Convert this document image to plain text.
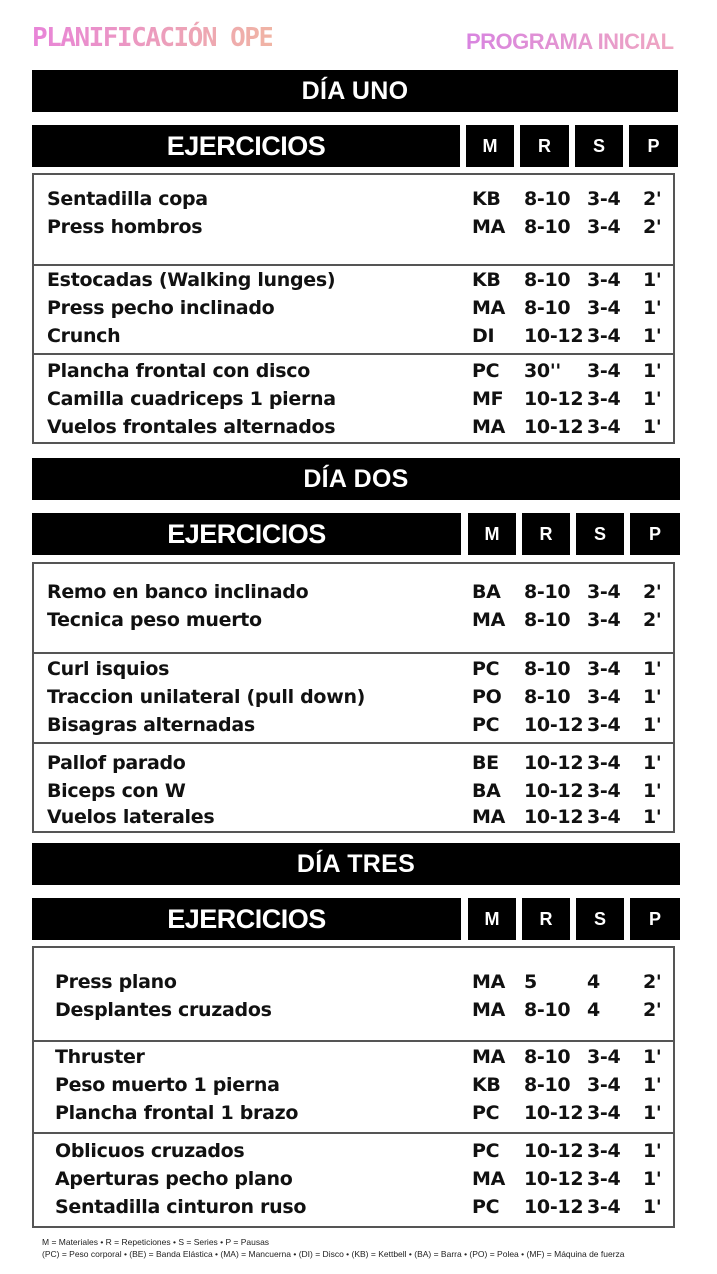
PLANIFICACIÓN OPEN GYM	PROGRAMA INICIAL
DÍA UNO
EJERCICIOS	M	R	S	P
Sentadilla copa	KB 8-10 3-4 2'
Press hombros	MA 8-10 3-4 2'
Estocadas (Walking lunges)	KB 8-10 3-4 1'
Press pecho inclinado	MA 8-10 3-4 1'
Crunch	DI 10-12 3-4 1'
Plancha frontal con disco	PC 30'' 3-4 1'
Camilla cuadriceps 1 pierna	MF 10-12 3-4 1'
Vuelos frontales alternados	MA 10-12 3-4 1'
DÍA DOS
EJERCICIOS	M	R	S	P
Remo en banco inclinado	BA 8-10 3-4 2'
Tecnica peso muerto	MA 8-10 3-4 2'
Curl isquios	PC 8-10 3-4 1'
Traccion unilateral (pull down)	PO 8-10 3-4 1'
Bisagras alternadas	PC 10-12 3-4 1'
Pallof parado	BE 10-12 3-4 1'
Biceps con W	BA 10-12 3-4 1'
Vuelos laterales	MA 10-12 3-4 1'
DÍA TRES
EJERCICIOS	M	R	S	P
Press plano	MA 5	4 2'
Desplantes cruzados	MA 8-10 4 2'
Thruster	MA 8-10 3-4 1'
Peso muerto 1 pierna	KB 8-10 3-4 1'
Plancha frontal 1 brazo	PC 10-12 3-4 1'
Oblicuos cruzados	PC 10-12 3-4 1'
Aperturas pecho plano	MA 10-12 3-4 1'
Sentadilla cinturon ruso	PC 10-12 3-4 1'
M = Materiales • R = Repeticiones • S = Series • P = Pausas
(PC) = Peso corporal • (BE) = Banda Elástica • (MA) = Mancuerna • (DI) = Disco • (KB) = Kettbell • (BA) = Barra • (PO) = Polea • (MF) = Máquina de fuerza
